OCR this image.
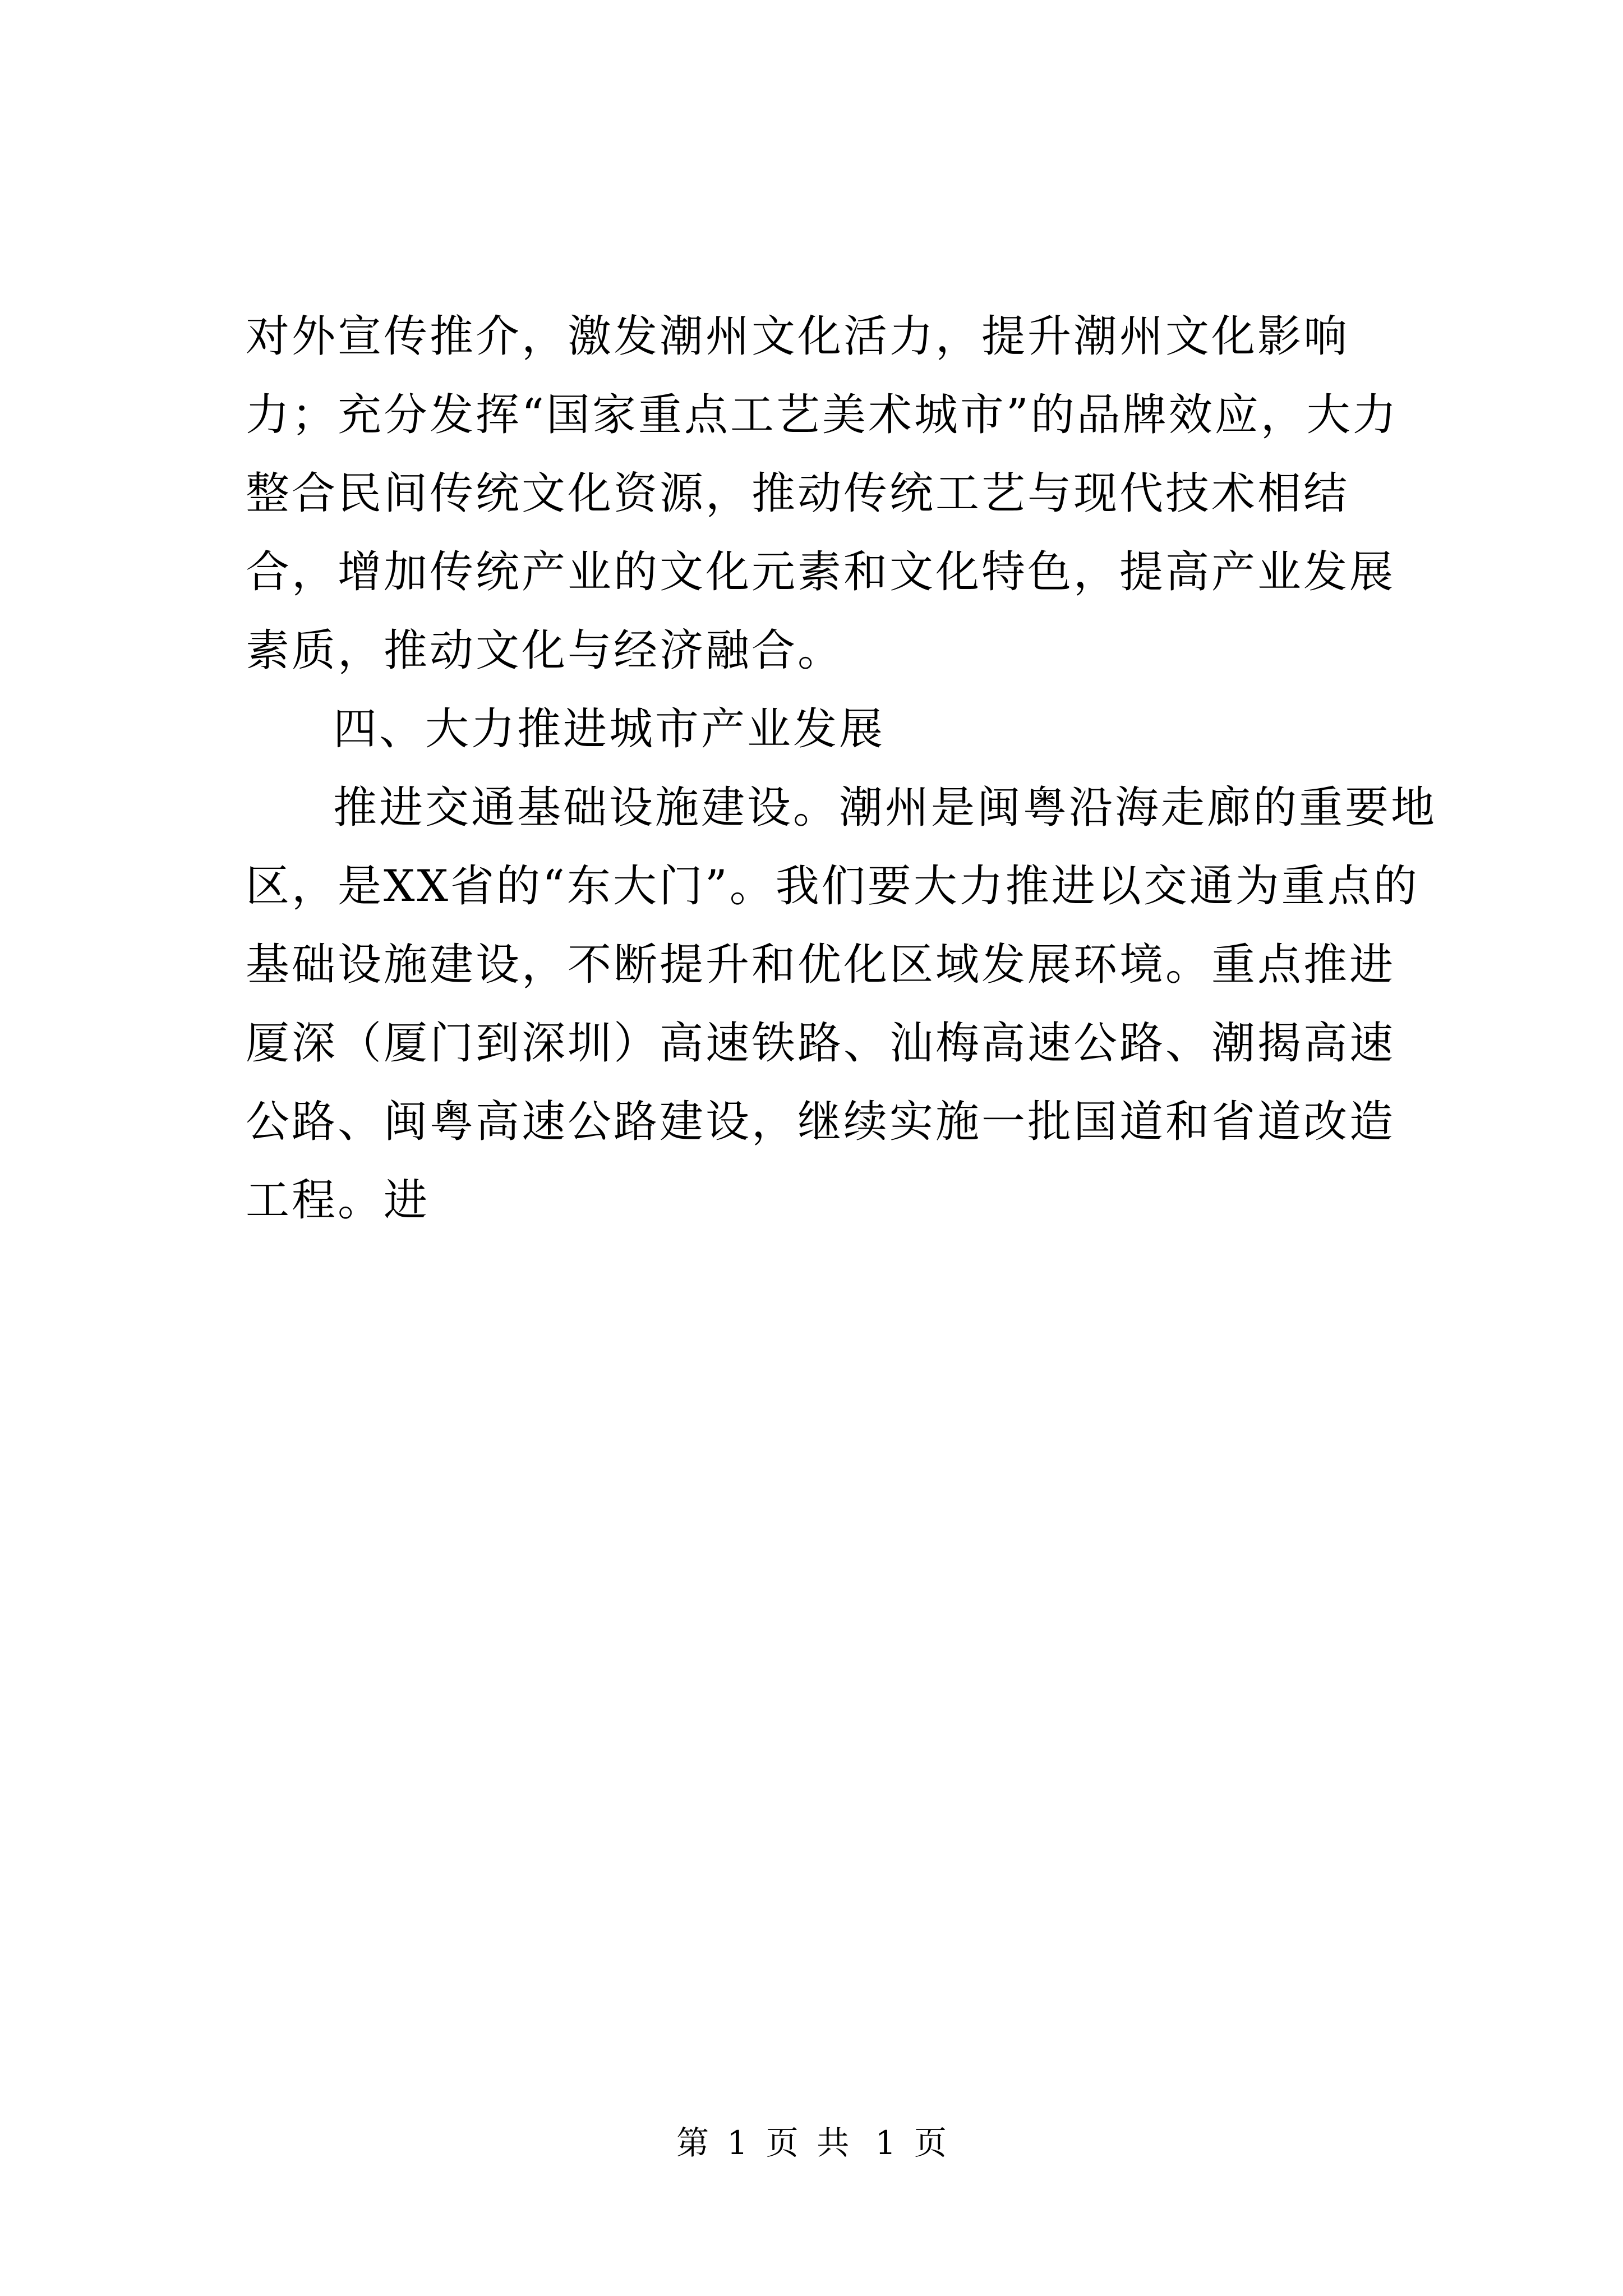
对外宣传推介，激发潮州文化活力，提升潮州文化影响力；充分发挥“国家重点工艺美术城市”的品牌效应，大力整合民间传统文化资源，推动传统工艺与现代技术相结合，增加传统产业的文化元素和文化特色，提高产业发展素质，推动文化与经济融合。

四、大力推进城市产业发展

推进交通基础设施建设。潮州是闽粤沿海走廊的重要地区，是XX省的“东大门”。我们要大力推进以交通为重点的基础设施建设，不断提升和优化区域发展环境。重点推进厦深（厦门到深圳）高速铁路、汕梅高速公路、潮揭高速公路、闽粤高速公路建设，继续实施一批国道和省道改造工程。进

第 1 页 共 1 页
